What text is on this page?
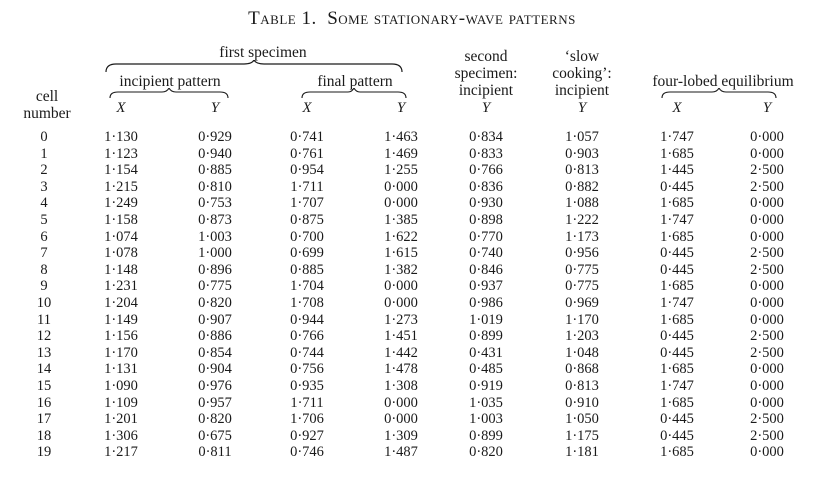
Table 1. Some stationary-wave patterns
first specimen
cell number
incipient pattern	final pattern
second specimen: incipient
‘slow cooking’: incipient
four-lobed equilibrium
X	Y	X	Y	Y	Y	X	Y
0	1·130	0·929	0·741	1·463	0·834	1·057	1·747	0·000
1	1·123	0·940	0·761	1·469	0·833	0·903	1·685	0·000
2	1·154	0·885	0·954	1·255	0·766	0·813	1·445	2·500
3	1·215	0·810	1·711	0·000	0·836	0·882	0·445	2·500
4	1·249	0·753	1·707	0·000	0·930	1·088	1·685	0·000
5	1·158	0·873	0·875	1·385	0·898	1·222	1·747	0·000
6	1·074	1·003	0·700	1·622	0·770	1·173	1·685	0·000
7	1·078	1·000	0·699	1·615	0·740	0·956	0·445	2·500
8	1·148	0·896	0·885	1·382	0·846	0·775	0·445	2·500
9	1·231	0·775	1·704	0·000	0·937	0·775	1·685	0·000
10	1·204	0·820	1·708	0·000	0·986	0·969	1·747	0·000
11	1·149	0·907	0·944	1·273	1·019	1·170	1·685	0·000
12	1·156	0·886	0·766	1·451	0·899	1·203	0·445	2·500
13	1·170	0·854	0·744	1·442	0·431	1·048	0·445	2·500
14	1·131	0·904	0·756	1·478	0·485	0·868	1·685	0·000
15	1·090	0·976	0·935	1·308	0·919	0·813	1·747	0·000
16	1·109	0·957	1·711	0·000	1·035	0·910	1·685	0·000
17	1·201	0·820	1·706	0·000	1·003	1·050	0·445	2·500
18	1·306	0·675	0·927	1·309	0·899	1·175	0·445	2·500
19	1·217	0·811	0·746	1·487	0·820	1·181	1·685	0·000
